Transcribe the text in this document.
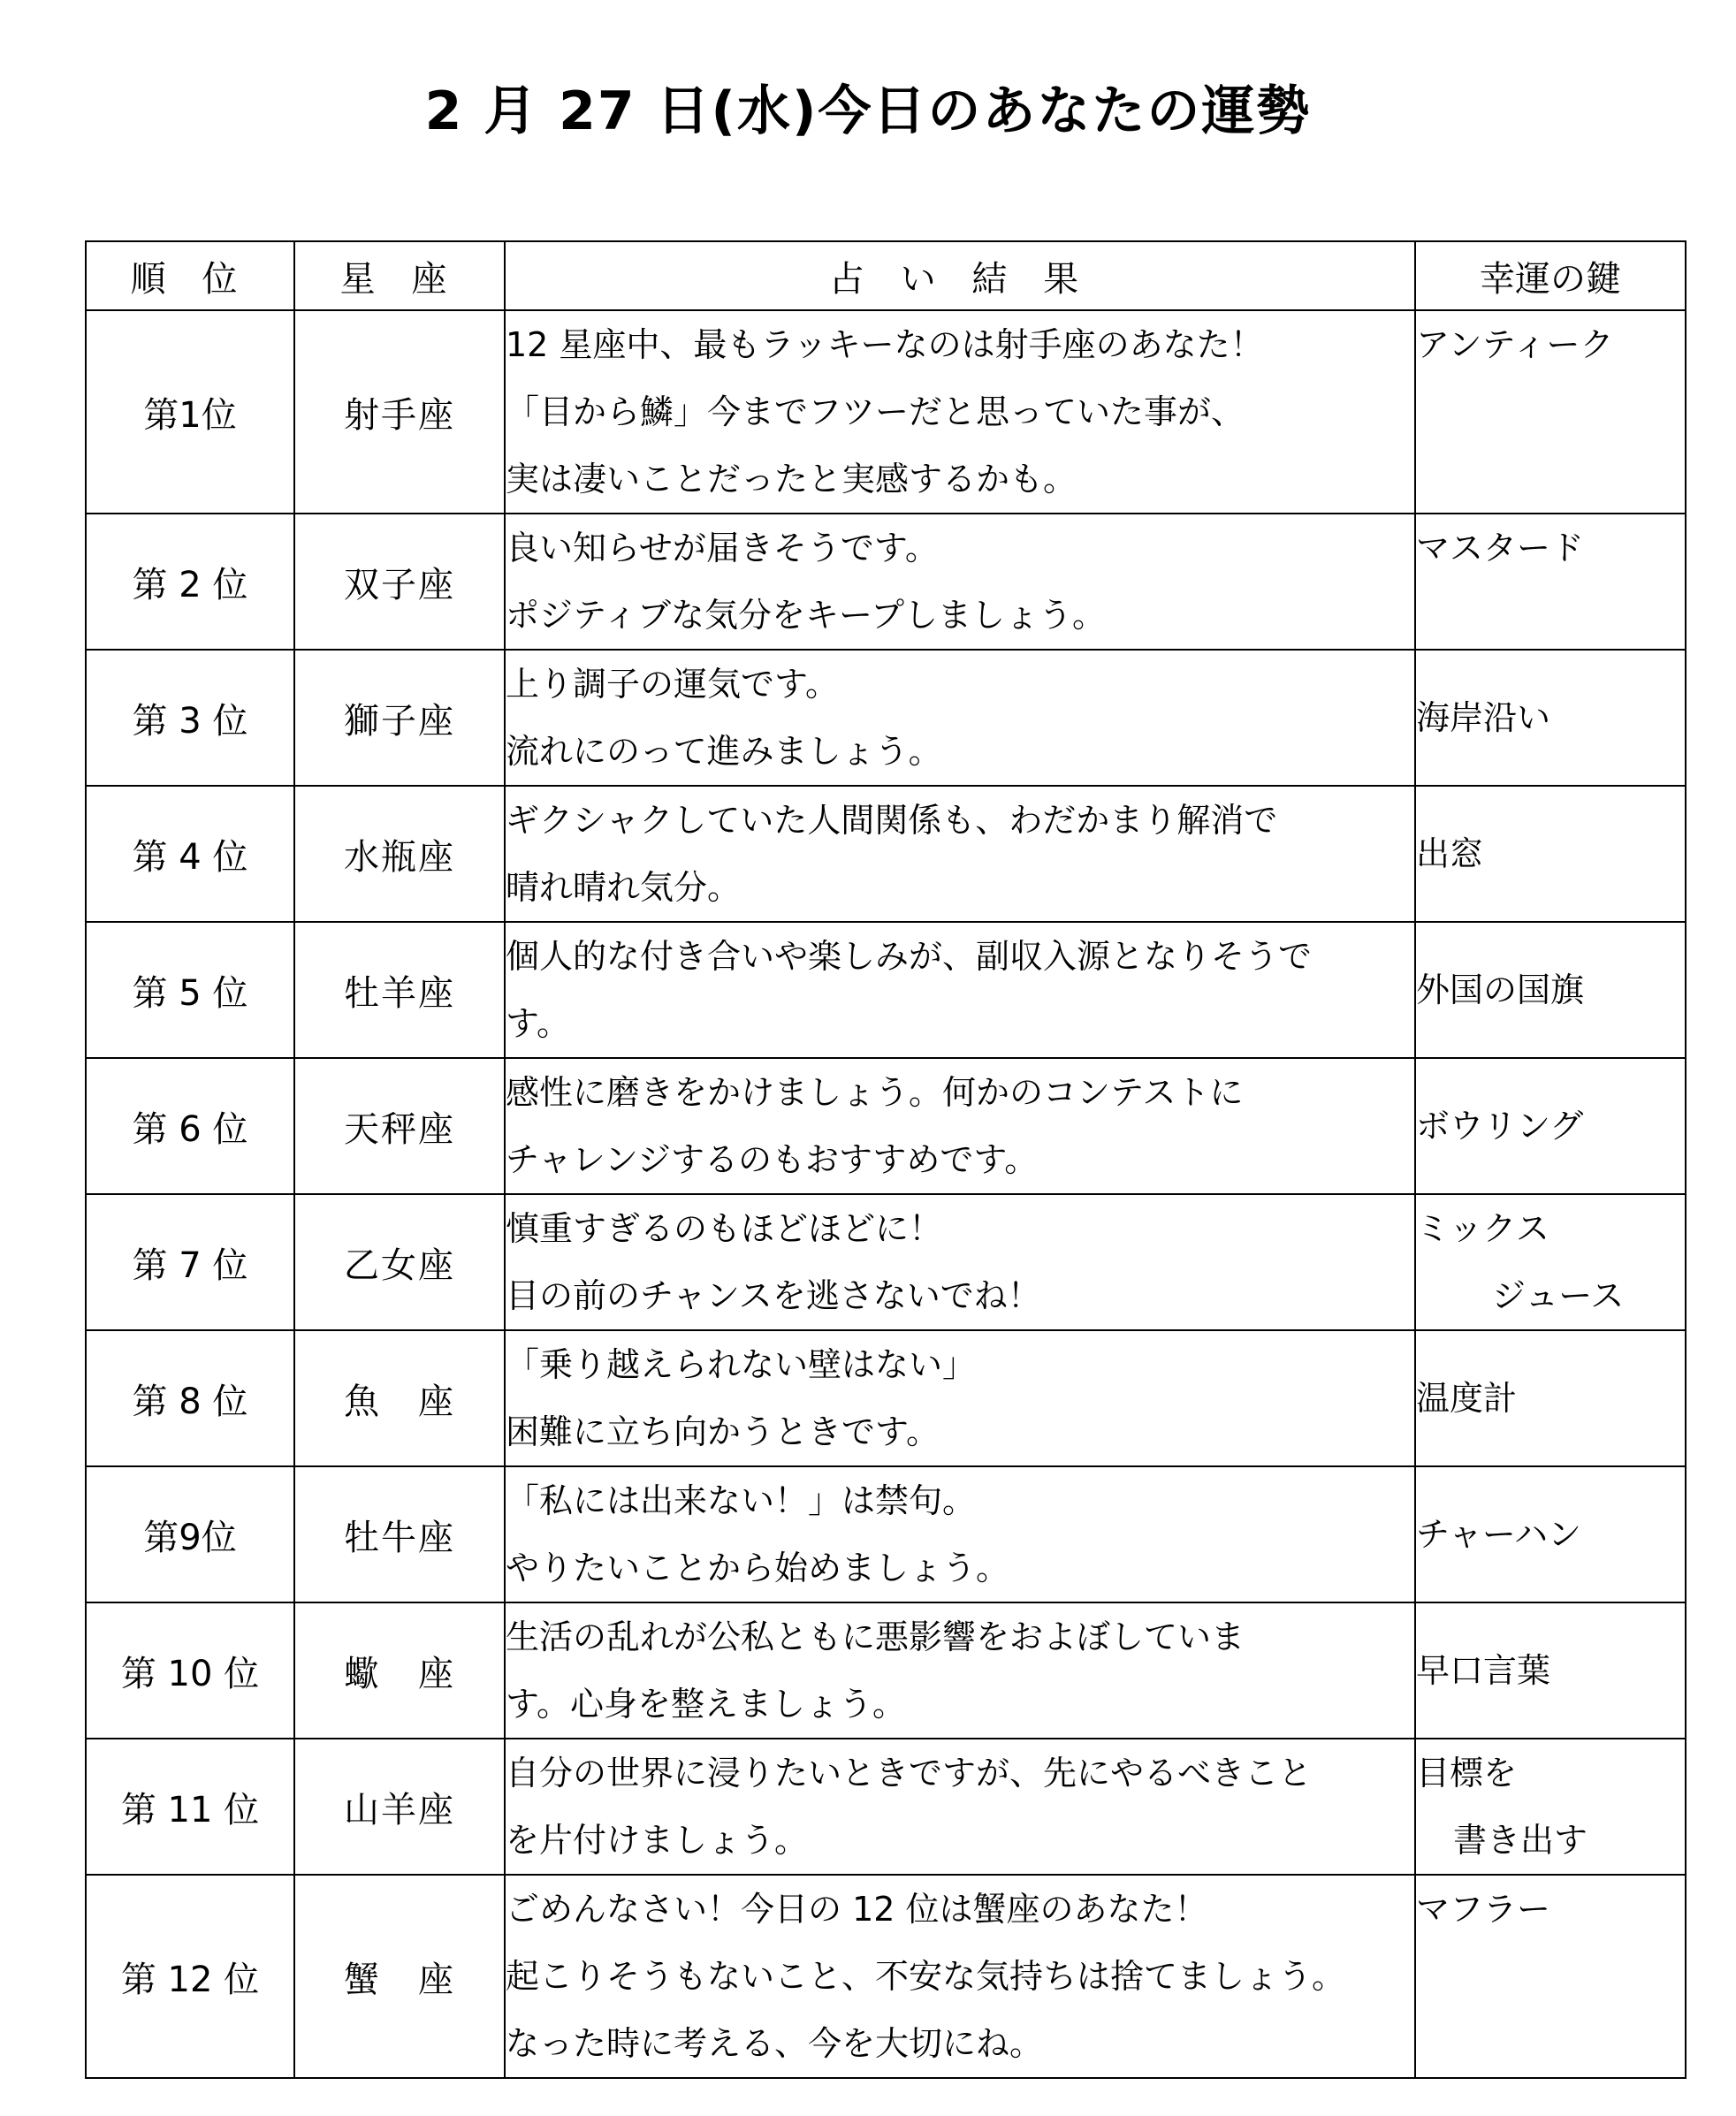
2 月 27 日(水)今日のあなたの運勢
順 位	星 座	占 い 結 果	幸運の鍵
第1位	射手座	12 星座中、最もラッキーなのは射手座のあなた！
「目から鱗」今までフツーだと思っていた事が、
実は凄いことだったと実感するかも。	アンティーク

第 2 位	双子座	良い知らせが届きそうです。
ポジティブな気分をキープしましょう。	マスタード

第 3 位	獅子座	上り調子の運気です。
流れにのって進みましょう。	海岸沿い

第 4 位	水瓶座	ギクシャクしていた人間関係も、わだかまり解消で
晴れ晴れ気分。	出窓

第 5 位	牡羊座	個人的な付き合いや楽しみが、副収入源となりそうで
す。	外国の国旗

第 6 位	天秤座	感性に磨きをかけましょう。何かのコンテストに
チャレンジするのもおすすめです。	ボウリング

第 7 位	乙女座	慎重すぎるのもほどほどに！
目の前のチャンスを逃さないでね！	ミックス
ジュース

第 8 位	魚　座	「乗り越えられない壁はない」
困難に立ち向かうときです。	温度計

第9位	牡牛座	「私には出来ない！」は禁句。
やりたいことから始めましょう。	チャーハン

第 10 位	蠍　座	生活の乱れが公私ともに悪影響をおよぼしていま
す。心身を整えましょう。	早口言葉

第 11 位	山羊座	自分の世界に浸りたいときですが、先にやるべきこと
を片付けましょう。	目標を
書き出す

第 12 位	蟹　座	ごめんなさい！今日の 12 位は蟹座のあなた！
起こりそうもないこと、不安な気持ちは捨てましょう。
なった時に考える、今を大切にね。	マフラー
